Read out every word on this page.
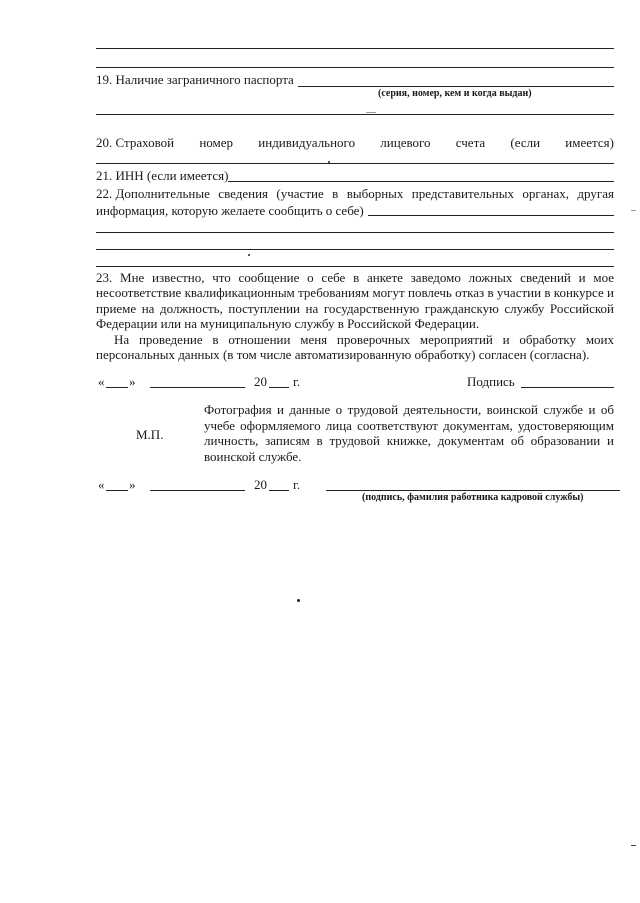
19. Наличие заграничного паспорта
(серия, номер, кем и когда выдан)
20. Страховой номер индивидуального лицевого счета (если имеется)
21. ИНН (если имеется)
22. Дополнительные сведения (участие в выборных представительных органах, другая
информация, которую желаете сообщить о себе)
23. Мне известно, что сообщение о себе в анкете заведомо ложных сведений и мое
несоответствие квалификационным требованиям могут повлечь отказ в участии в конкурсе и
приеме на должность, поступлении на государственную гражданскую службу Российской
Федерации или на муниципальную службу в Российской Федерации.
На проведение в отношении меня проверочных мероприятий и обработку моих
персональных данных (в том числе автоматизированную обработку) согласен (согласна).
« »	20 г.	Подпись
М.П.
Фотография и данные о трудовой деятельности, воинской службе и об
учебе оформляемого лица соответствуют документам, удостоверяющим
личность, записям в трудовой книжке, документам об образовании и
воинской службе.
« »	20 г.
(подпись, фамилия работника кадровой службы)
